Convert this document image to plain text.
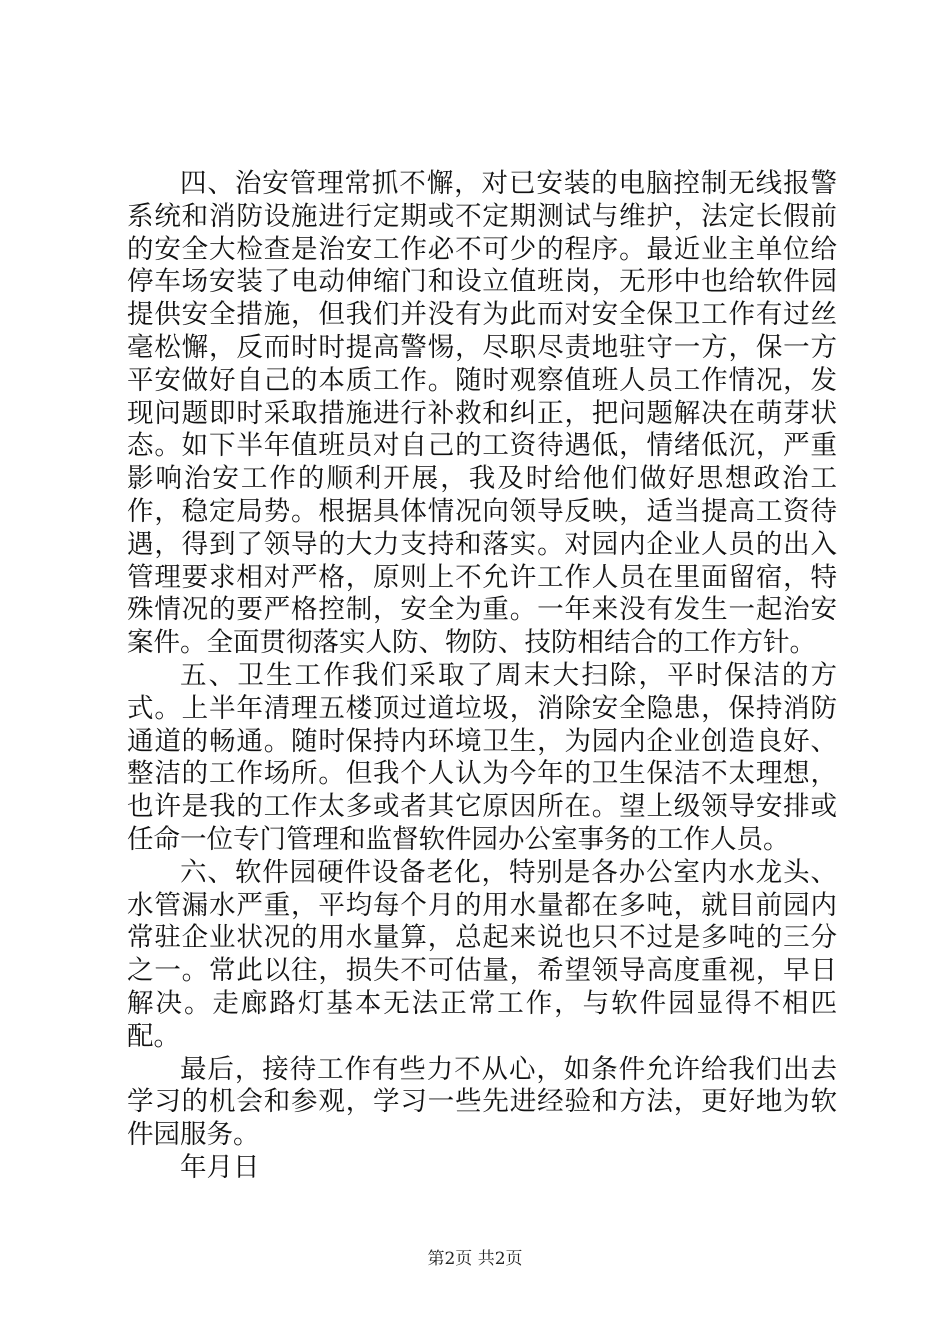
四、治安管理常抓不懈，对已安装的电脑控制无线报警系统和消防设施进行定期或不定期测试与维护，法定长假前的安全大检查是治安工作必不可少的程序。最近业主单位给停车场安装了电动伸缩门和设立值班岗，无形中也给软件园提供安全措施，但我们并没有为此而对安全保卫工作有过丝毫松懈，反而时时提高警惕，尽职尽责地驻守一方，保一方平安做好自己的本质工作。随时观察值班人员工作情况，发现问题即时采取措施进行补救和纠正，把问题解决在萌芽状态。如下半年值班员对自己的工资待遇低，情绪低沉，严重影响治安工作的顺利开展，我及时给他们做好思想政治工作，稳定局势。根据具体情况向领导反映，适当提高工资待遇，得到了领导的大力支持和落实。对园内企业人员的出入管理要求相对严格，原则上不允许工作人员在里面留宿，特殊情况的要严格控制，安全为重。一年来没有发生一起治安案件。全面贯彻落实人防、物防、技防相结合的工作方针。

五、卫生工作我们采取了周末大扫除，平时保洁的方式。上半年清理五楼顶过道垃圾，消除安全隐患，保持消防通道的畅通。随时保持内环境卫生，为园内企业创造良好、整洁的工作场所。但我个人认为今年的卫生保洁不太理想，也许是我的工作太多或者其它原因所在。望上级领导安排或任命一位专门管理和监督软件园办公室事务的工作人员。

六、软件园硬件设备老化，特别是各办公室内水龙头、水管漏水严重，平均每个月的用水量都在多吨，就目前园内常驻企业状况的用水量算，总起来说也只不过是多吨的三分之一。常此以往，损失不可估量，希望领导高度重视，早日解决。走廊路灯基本无法正常工作，与软件园显得不相匹配。

最后，接待工作有些力不从心，如条件允许给我们出去学习的机会和参观，学习一些先进经验和方法，更好地为软件园服务。

年月日

第2页 共2页
